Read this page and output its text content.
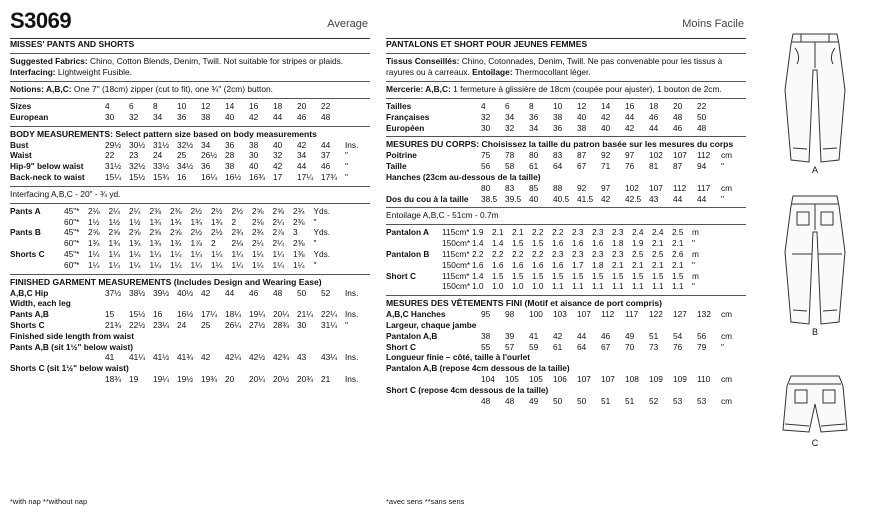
S3069	Average
MISSES' PANTS AND SHORTS
Suggested Fabrics: Chino, Cotton Blends, Denim, Twill. Not suitable for stripes or plaids.
Interfacing: Lightweight Fusible.
Notions: A,B,C: One 7" (18cm) zipper (cut to fit), one ¾" (2cm) button.
Sizes	4	6	8	10	12	14	16	18	20	22
European	30	32	34	36	38	40	42	44	46	48
BODY MEASUREMENTS: Select pattern size based on body measurements
Bust	29½	30½	31½	32½	34	36	38	40	42	44	Ins.
Waist	22	23	24	25	26½	28	30	32	34	37	"
Hip-9" below waist	31½	32½	33½	34½	36	38	40	42	44	46	"
Back-neck to waist	15¼	15½	15¾	16	16¼	16½	16¾	17	17¼	17¾	"
Interfacing A,B,C - 20" - ¾ yd.
Pants A	45"*	2⅛	2¼	2¼	2⅜	2⅜	2½	2½	2½	2⅝	2⅝	2¾	Yds.
	60"*	1½	1½	1½	1¾	1¾	1¾	1¾	2	2⅛	2¼	2⅜	"
Pants B	45"*	2⅝	2⅝	2⅝	2⅝	2⅝	2½	2½	2¾	2¾	2⅞	3	Yds.
	60"*	1¾	1¾	1¾	1¾	1¾	1⅞	2	2⅛	2¼	2¼	2⅜	"
Shorts C	45"*	1¼	1¼	1¼	1¼	1¼	1¼	1¼	1¼	1¼	1¼	1⅜	Yds.
	60"*	1¼	1¼	1¼	1¼	1¼	1¼	1¼	1¼	1¼	1¼	1¼	"
FINISHED GARMENT MEASUREMENTS (Includes Design and Wearing Ease)
A,B,C Hip	37½	38½	39½	40½	42	44	46	48	50	52	Ins.
Width, each leg											
Pants A,B	15	15½	16	16½	17¼	18¼	19¼	20¼	21¼	22¼	Ins.
Shorts C	21¾	22½	23¼	24	25	26¼	27½	28¾	30	31¼	"
Finished side length from waist											
Pants A,B (sit 1½" below waist)											
	41	41¼	41½	41¾	42	42¼	42½	42¾	43	43¼	Ins.
Shorts C (sit 1½" below waist)											
	18¾	19	19¼	19½	19¾	20	20¼	20½	20¾	21	Ins.
*with nap **without nap
Moins Facile
PANTALONS ET SHORT POUR JEUNES FEMMES
Tissus Conseillés: Chino, Cotonnades, Denim, Twill. Ne pas convenable pour les tissus à
rayures ou à carreaux. Entoilage: Thermocollant léger.
Mercerie: A,B,C: 1 fermeture à glissière de 18cm (coupée pour ajuster), 1 bouton de 2cm.
Tailles	4	6	8	10	12	14	16	18	20	22
Françaises	32	34	36	38	40	42	44	46	48	50
Européen	30	32	34	36	38	40	42	44	46	48
MESURES DU CORPS: Choisissez la taille du patron basée sur les mesures du corps
Poitrine	75	78	80	83	87	92	97	102	107	112	cm
Taille	56	58	61	64	67	71	76	81	87	94	"
Hanches (23cm au-dessous de la taille)											
	80	83	85	88	92	97	102	107	112	117	cm
Dos du cou à la taille	38.5	39.5	40	40.5	41.5	42	42.5	43	44	44	"
Entoilage A,B,C - 51cm - 0.7m
Pantalon A	115cm*	1.9	2.1	2.1	2.2	2.2	2.3	2.3	2.3	2.4	2.4	2.5	m
	150cm*	1.4	1.4	1.5	1.5	1.6	1.6	1.6	1.8	1.9	2.1	2.1	"
Pantalon B	115cm*	2.2	2.2	2.2	2.2	2.3	2.3	2.3	2.3	2.5	2.5	2.6	m
	150cm*	1.6	1.6	1.6	1.6	1.6	1.7	1.8	2.1	2.1	2.1	2.1	"
Short C	115cm*	1.4	1.5	1.5	1.5	1.5	1.5	1.5	1.5	1.5	1.5	1.5	m
	150cm*	1.0	1.0	1.0	1.0	1.1	1.1	1.1	1.1	1.1	1.1	1.1	"
MESURES DES VÊTEMENTS FINI (Motif et aisance de port compris)
A,B,C Hanches	95	98	100	103	107	112	117	122	127	132	cm
Largeur, chaque jambe											
Pantalon A,B	38	39	41	42	44	46	49	51	54	56	cm
Short C	55	57	59	61	64	67	70	73	76	79	"
Longueur finie – côté, taille à l'ourlet											
Pantalon A,B (repose 4cm dessous de la taille)											
	104	105	105	106	107	107	108	109	109	110	cm
Short C (repose 4cm dessous de la taille)											
	48	48	49	50	50	51	51	52	53	53	cm
*avec sens **sans sens
A
B
C
